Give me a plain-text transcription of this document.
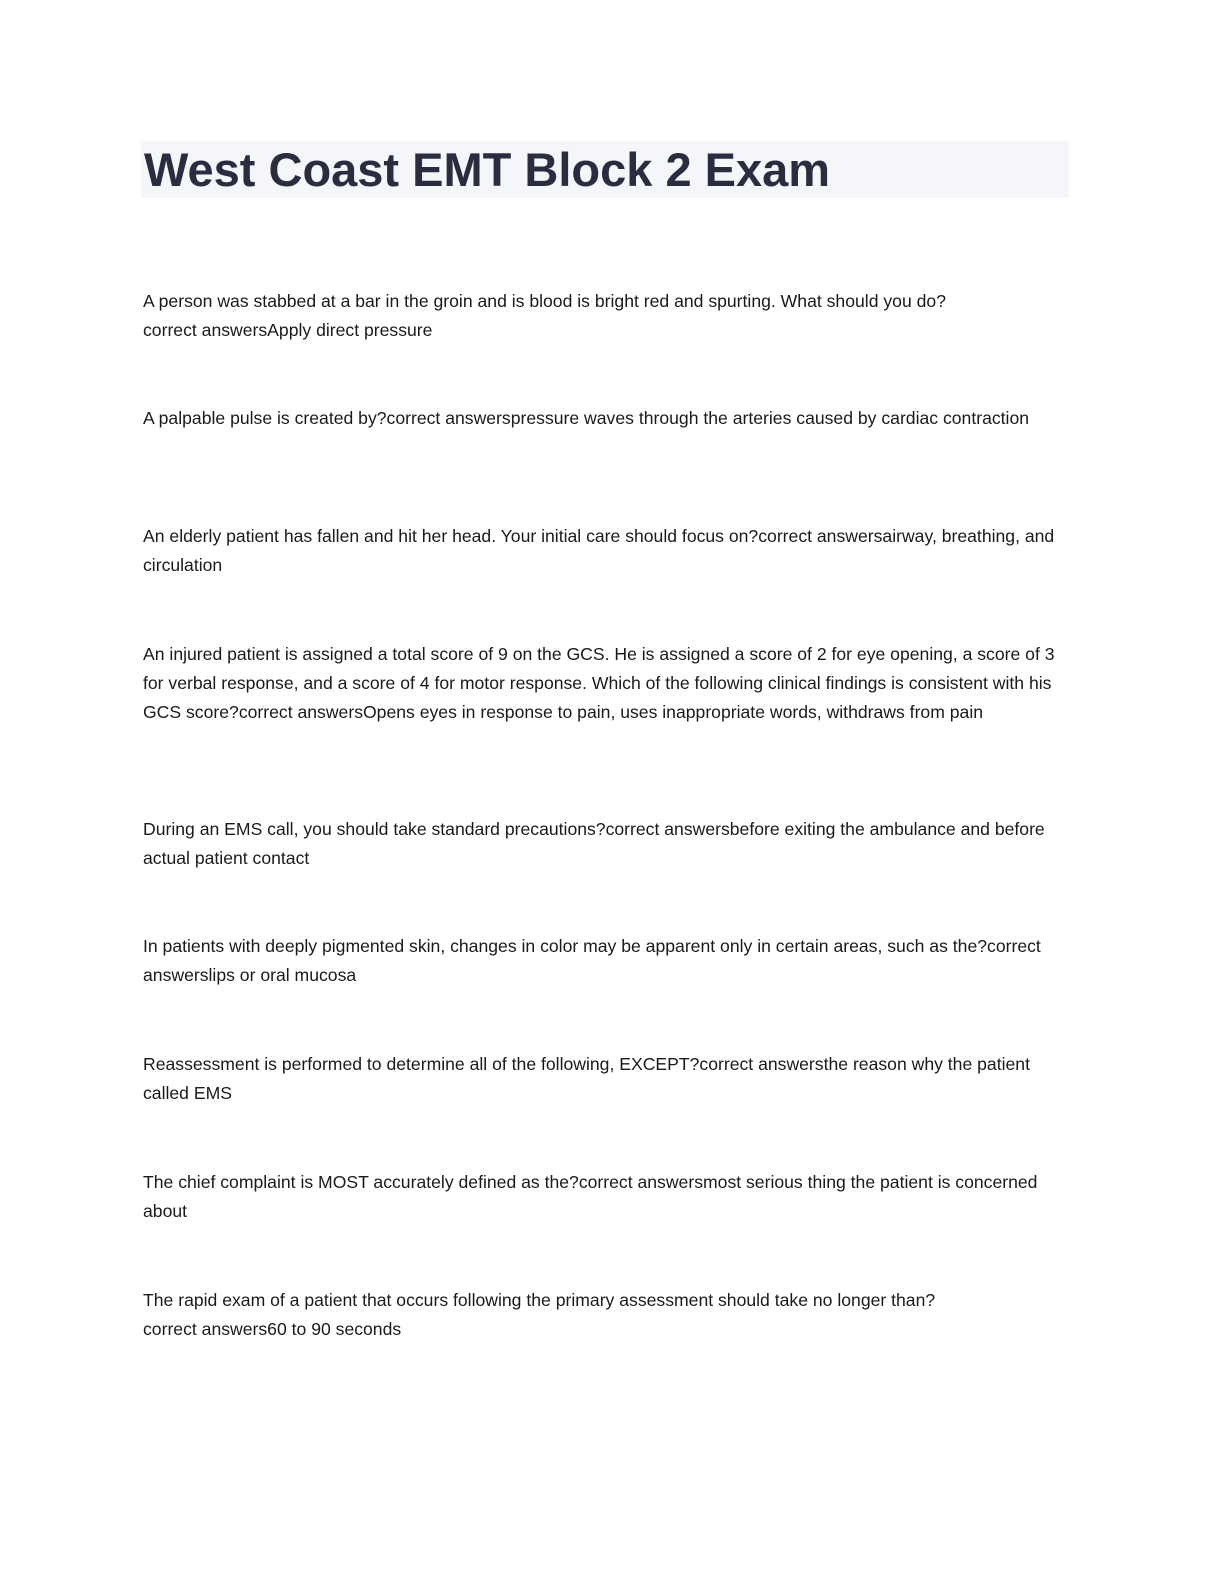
West Coast EMT Block 2 Exam

A person was stabbed at a bar in the groin and is blood is bright red and spurting. What should you do?
correct answersApply direct pressure

A palpable pulse is created by?correct answerspressure waves through the arteries caused by cardiac contraction

An elderly patient has fallen and hit her head. Your initial care should focus on?correct answersairway, breathing, and circulation

An injured patient is assigned a total score of 9 on the GCS. He is assigned a score of 2 for eye opening, a score of 3 for verbal response, and a score of 4 for motor response. Which of the following clinical findings is consistent with his GCS score?correct answersOpens eyes in response to pain, uses inappropriate words, withdraws from pain

During an EMS call, you should take standard precautions?correct answersbefore exiting the ambulance and before actual patient contact

In patients with deeply pigmented skin, changes in color may be apparent only in certain areas, such as the?correct answerslips or oral mucosa

Reassessment is performed to determine all of the following, EXCEPT?correct answersthe reason why the patient called EMS

The chief complaint is MOST accurately defined as the?correct answersmost serious thing the patient is concerned about

The rapid exam of a patient that occurs following the primary assessment should take no longer than?
correct answers60 to 90 seconds
